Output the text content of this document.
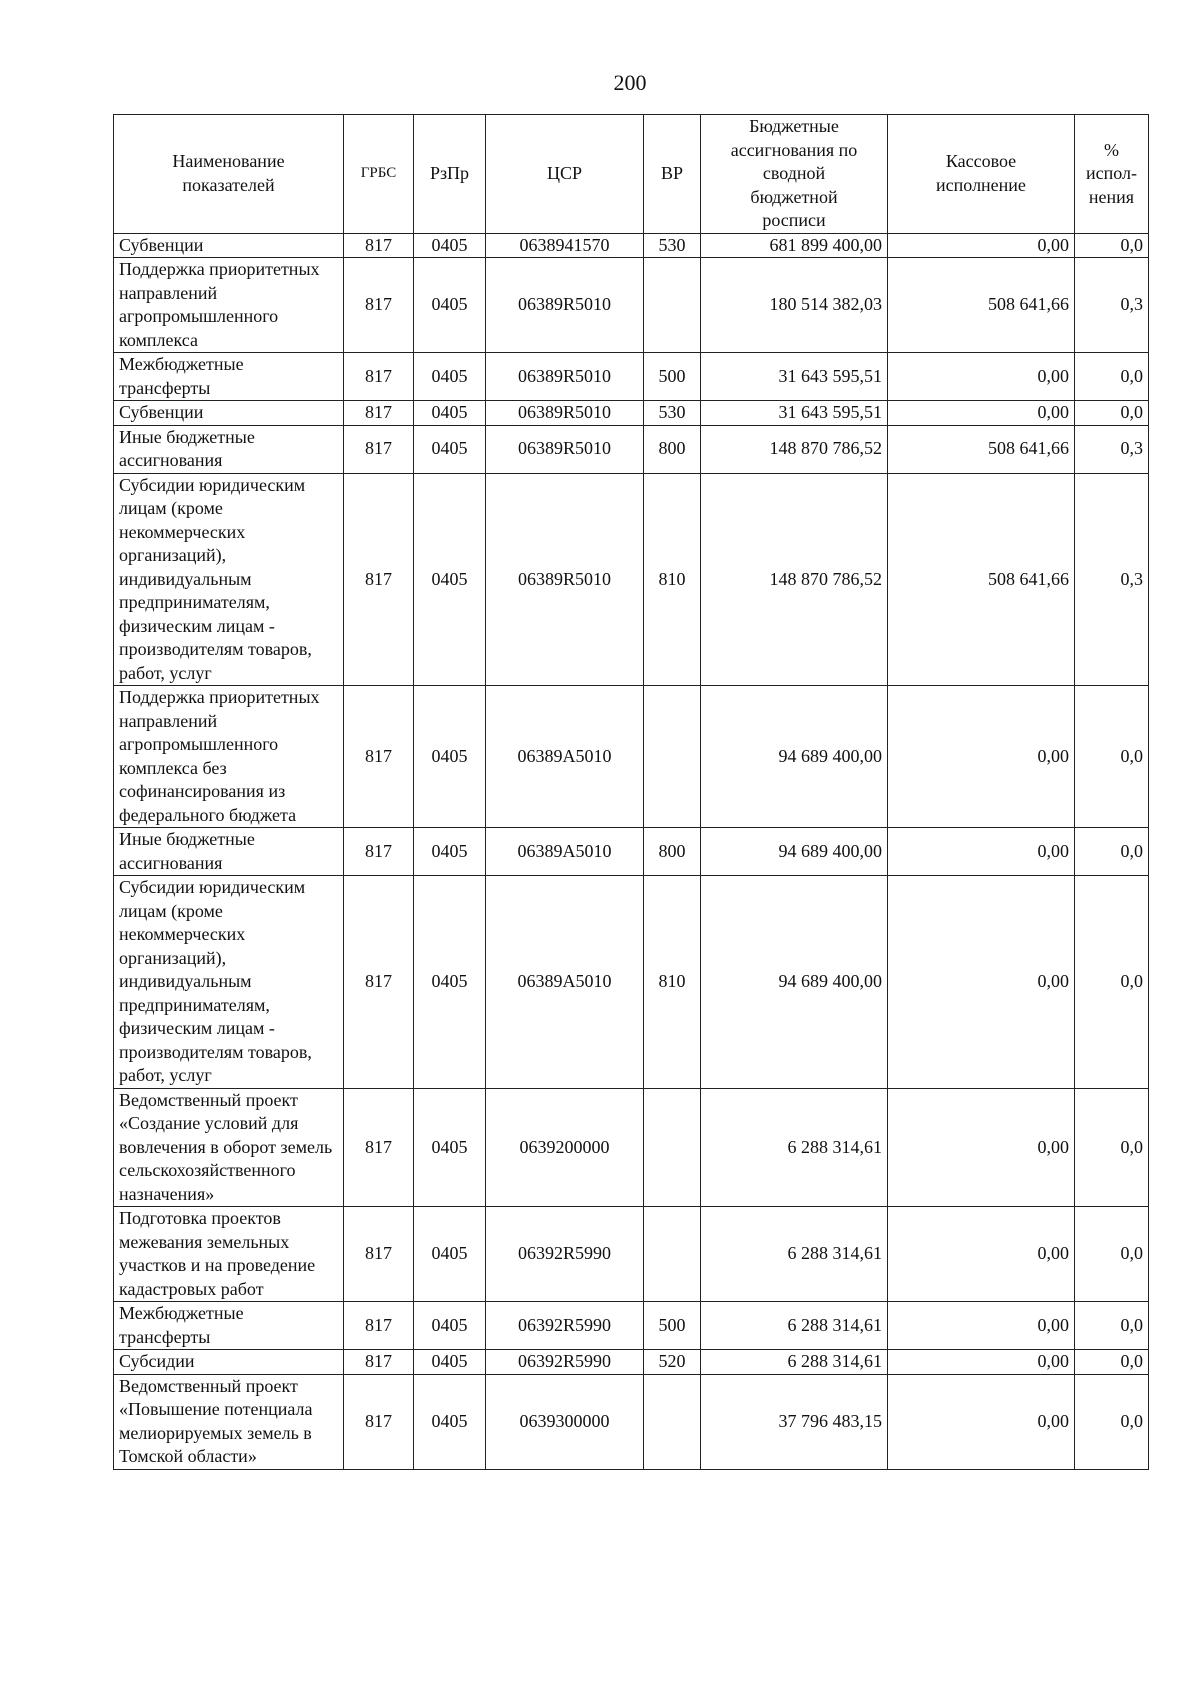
200
Наименование показателей	ГРБС	РзПр	ЦСР	ВР	Бюджетные ассигнования по сводной бюджетной росписи	Кассовое исполнение	% испол-нения
Субвенции	817	0405	0638941570	530	681 899 400,00	0,00	0,0
Поддержка приоритетных направлений агропромышленного комплекса	817	0405	06389R5010		180 514 382,03	508 641,66	0,3
Межбюджетные трансферты	817	0405	06389R5010	500	31 643 595,51	0,00	0,0
Субвенции	817	0405	06389R5010	530	31 643 595,51	0,00	0,0
Иные бюджетные ассигнования	817	0405	06389R5010	800	148 870 786,52	508 641,66	0,3
Субсидии юридическим лицам (кроме некоммерческих организаций), индивидуальным предпринимателям, физическим лицам - производителям товаров, работ, услуг	817	0405	06389R5010	810	148 870 786,52	508 641,66	0,3
Поддержка приоритетных направлений агропромышленного комплекса без софинансирования из федерального бюджета	817	0405	06389A5010		94 689 400,00	0,00	0,0
Иные бюджетные ассигнования	817	0405	06389A5010	800	94 689 400,00	0,00	0,0
Субсидии юридическим лицам (кроме некоммерческих организаций), индивидуальным предпринимателям, физическим лицам - производителям товаров, работ, услуг	817	0405	06389A5010	810	94 689 400,00	0,00	0,0
Ведомственный проект «Создание условий для вовлечения в оборот земель сельскохозяйственного назначения»	817	0405	0639200000		6 288 314,61	0,00	0,0
Подготовка проектов межевания земельных участков и на проведение кадастровых работ	817	0405	06392R5990		6 288 314,61	0,00	0,0
Межбюджетные трансферты	817	0405	06392R5990	500	6 288 314,61	0,00	0,0
Субсидии	817	0405	06392R5990	520	6 288 314,61	0,00	0,0
Ведомственный проект «Повышение потенциала мелиорируемых земель в Томской области»	817	0405	0639300000		37 796 483,15	0,00	0,0
